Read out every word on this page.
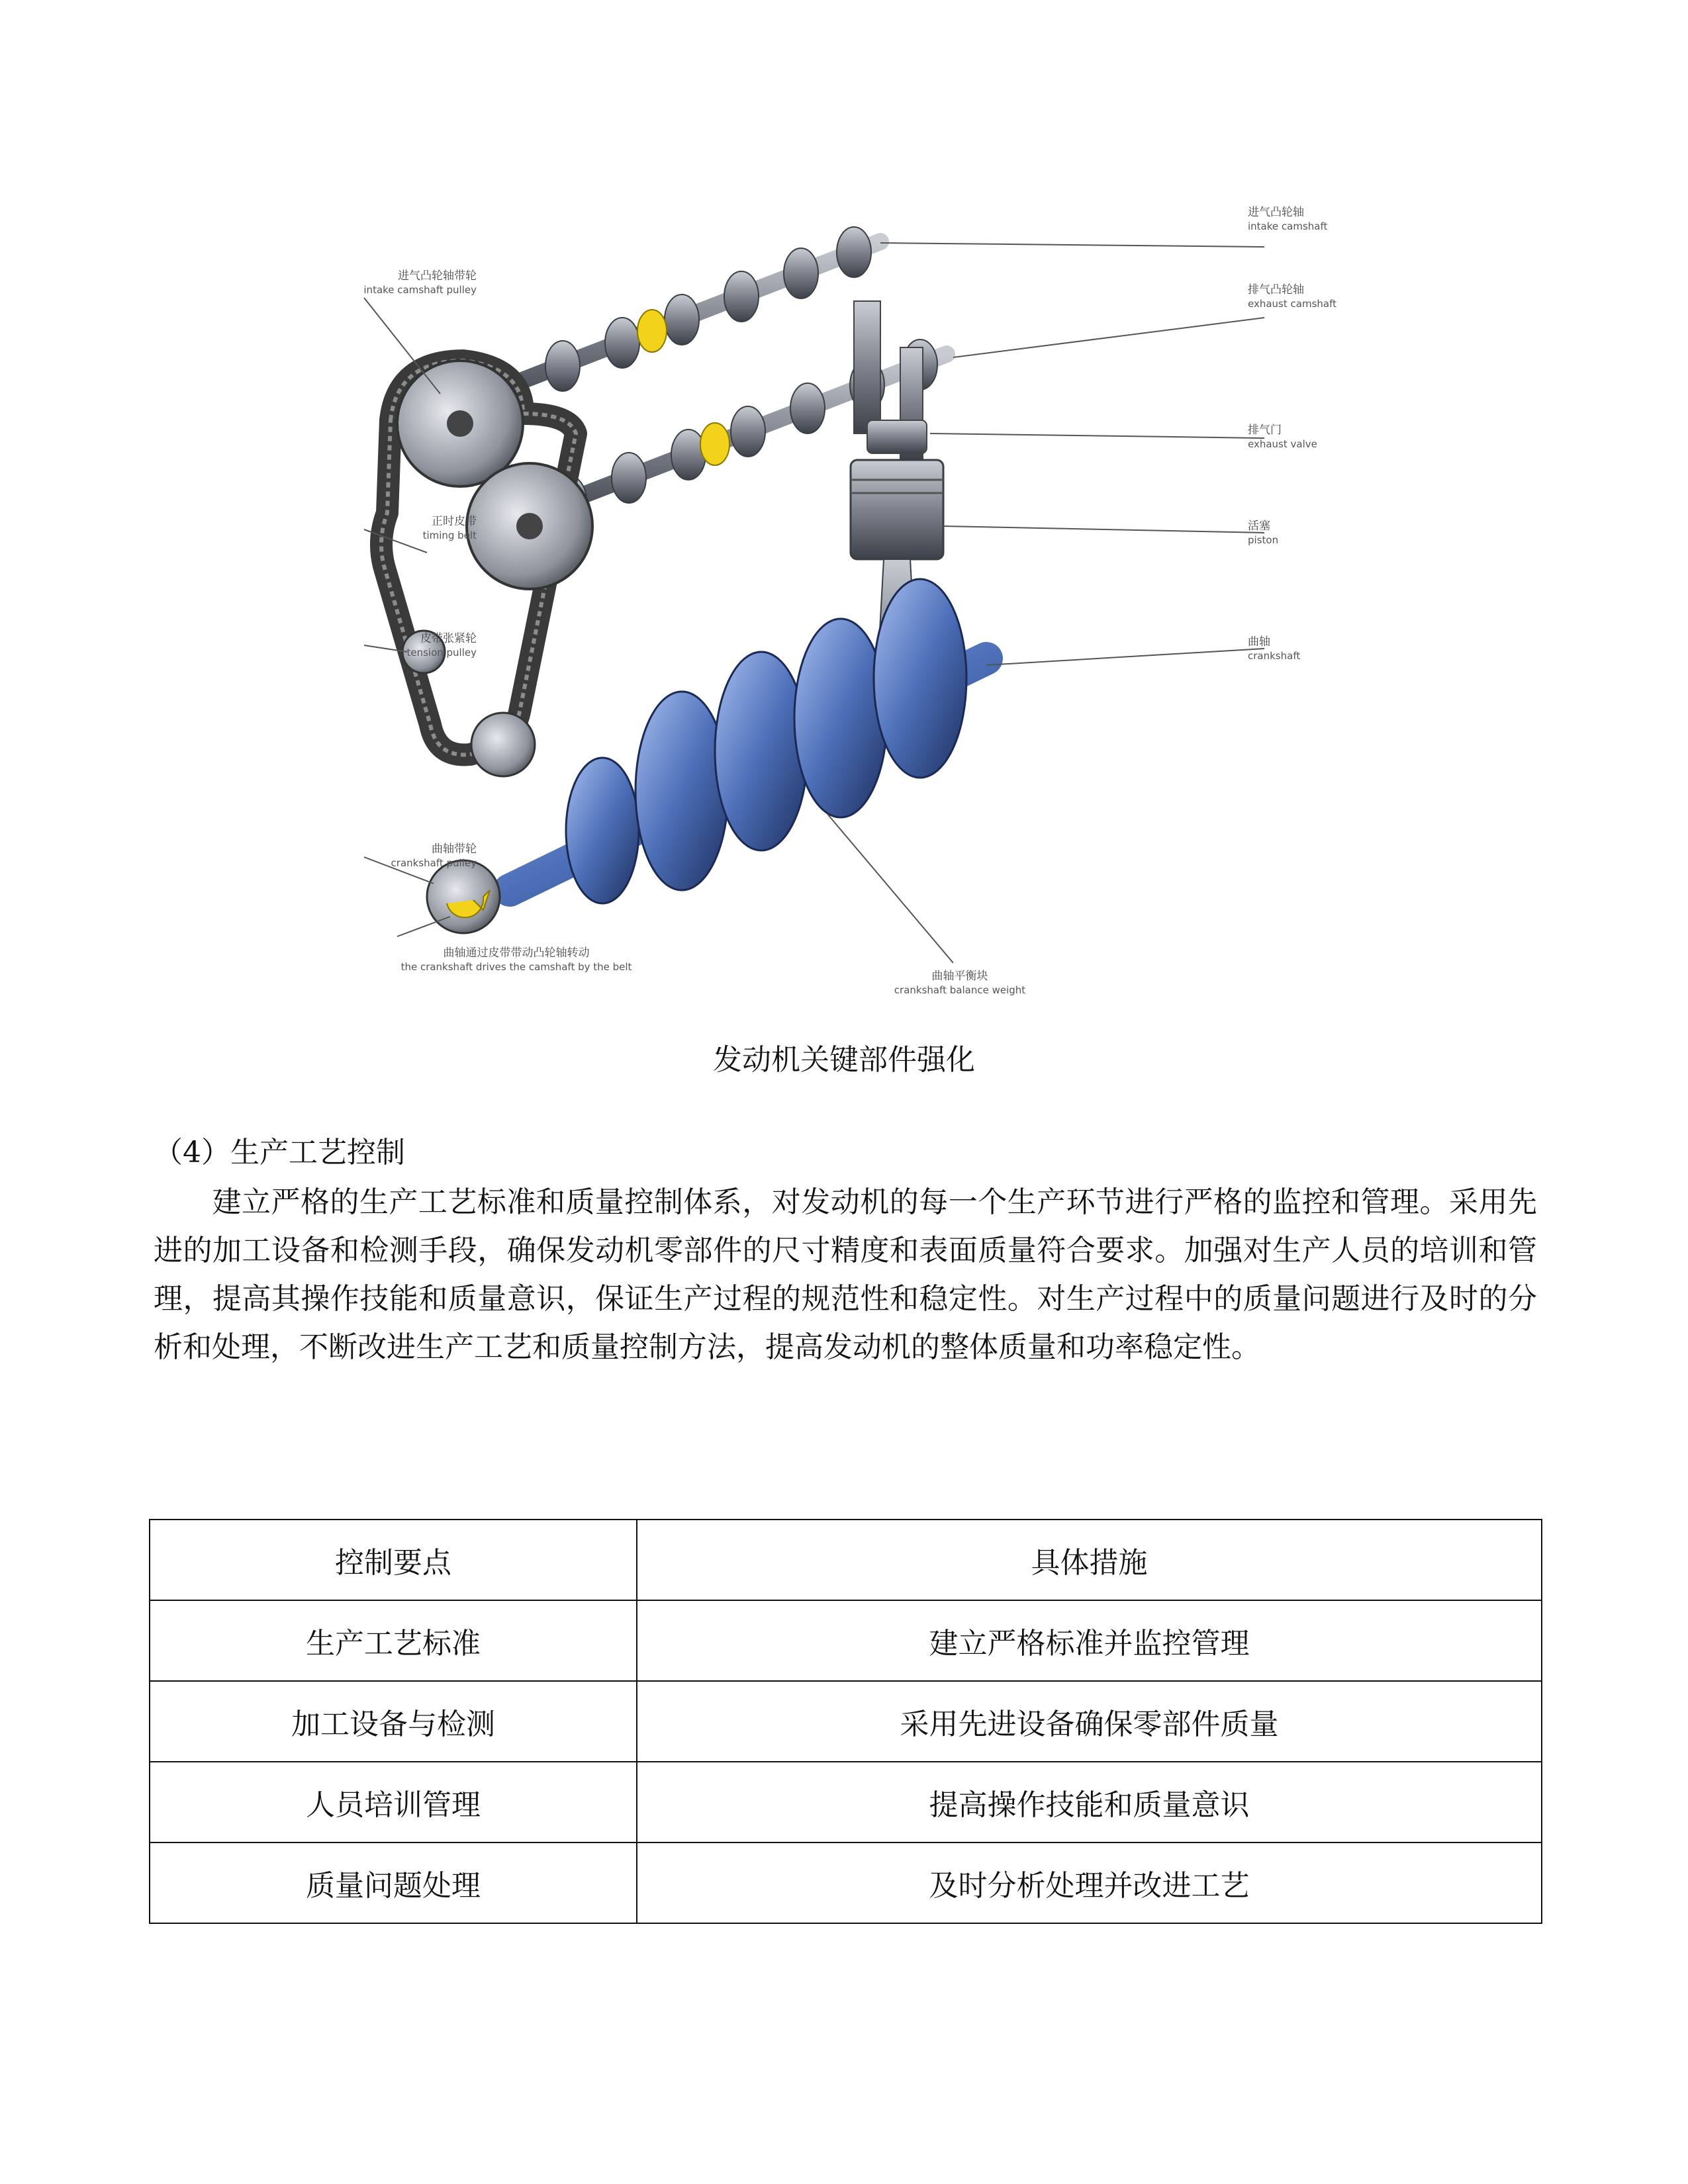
进气凸轮轴
intake camshaft
进气凸轮轴带轮
intake camshaft pulley	排气凸轮轴
exhaust camshaft
排气门
exhaust valve
正时皮带
timing belt
活塞
piston
皮带张紧轮
tension pulley
曲轴
crankshaft
曲轴带轮
crankshaft pulley
曲轴通过皮带带动凸轮轴转动
the crankshaft drives the camshaft by the belt
曲轴平衡块
crankshaft balance weight
发动机关键部件强化
（4）生产工艺控制
建立严格的生产工艺标准和质量控制体系，对发动机的每一个生产环节进行严格的监控和管理。采用先进的加工设备和检测手段，确保发动机零部件的尺寸精度和表面质量符合要求。加强对生产人员的培训和管理，提高其操作技能和质量意识，保证生产过程的规范性和稳定性。对生产过程中的质量问题进行及时的分析和处理，不断改进生产工艺和质量控制方法，提高发动机的整体质量和功率稳定性。
控制要点	具体措施
生产工艺标准	建立严格标准并监控管理
加工设备与检测	采用先进设备确保零部件质量
人员培训管理	提高操作技能和质量意识
质量问题处理	及时分析处理并改进工艺
